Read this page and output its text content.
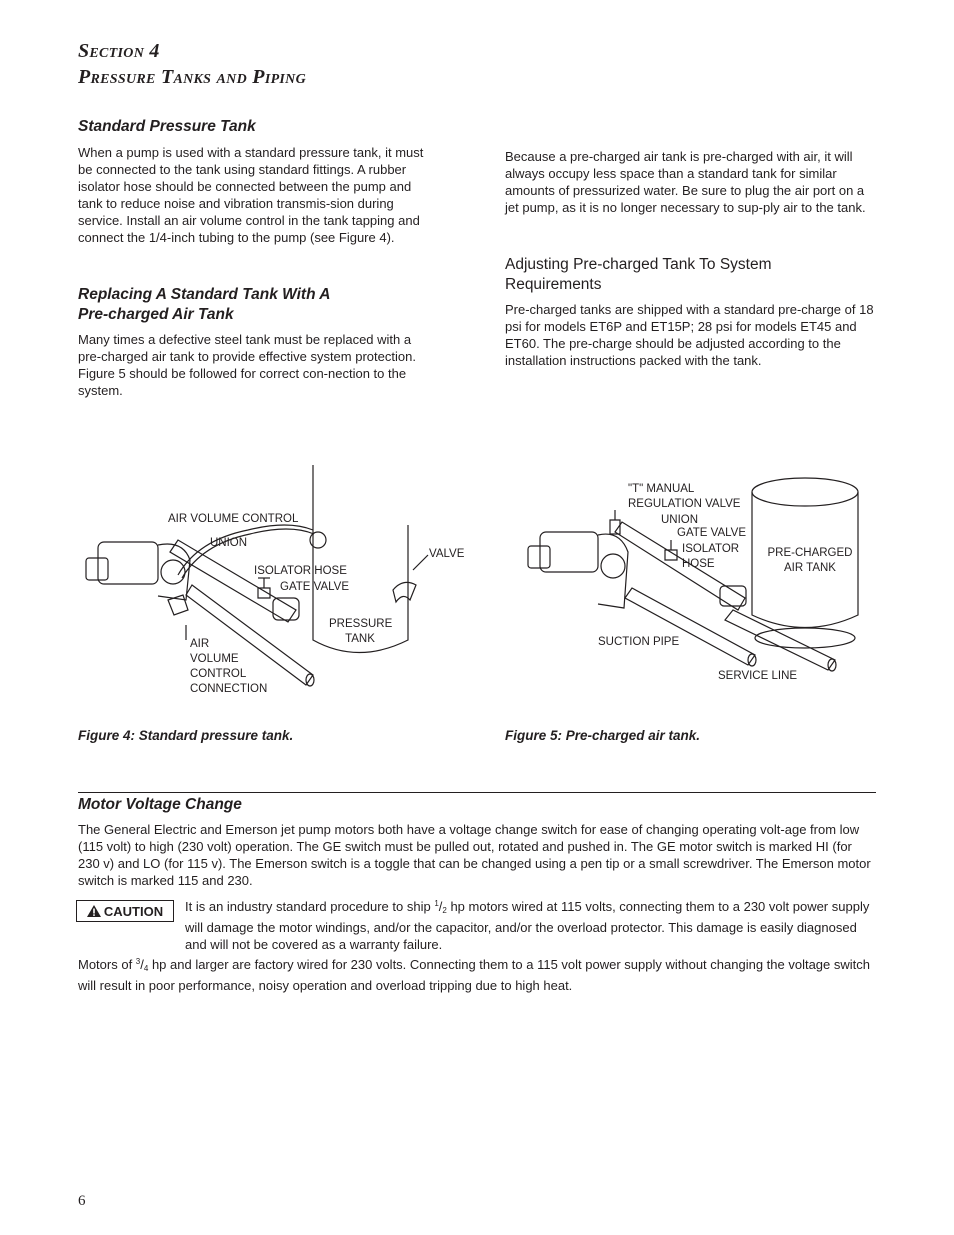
Section 4
Pressure Tanks and Piping
Standard Pressure Tank
When a pump is used with a standard pressure tank, it must be connected to the tank using standard fittings. A rubber isolator hose should be connected between the pump and tank to reduce noise and vibration transmis-sion during service. Install an air volume control in the tank tapping and connect the 1/4-inch tubing to the pump (see Figure 4).
Replacing A Standard Tank With A
Pre-charged Air Tank
Many times a defective steel tank must be replaced with a pre-charged air tank to provide effective system protection. Figure 5 should be followed for correct con-nection to the system.
Because a pre-charged air tank is pre-charged with air, it will always occupy less space than a standard tank for similar amounts of pressurized water. Be sure to plug the air port on a jet pump, as it is no longer necessary to sup-ply air to the tank.
Adjusting Pre-charged Tank To System Requirements
Pre-charged tanks are shipped with a standard pre-charge of 18 psi for models ET6P and ET15P; 28 psi for models ET45 and ET60. The pre-charge should be adjusted according to the installation instructions packed with the tank.
AIR VOLUME CONTROL
UNION
ISOLATOR HOSE
GATE VALVE
VALVE
PRESSURE
TANK
AIR
VOLUME
CONTROL
CONNECTION
"T" MANUAL
REGULATION VALVE
UNION
GATE VALVE
ISOLATOR
HOSE
PRE-CHARGED
AIR TANK
SUCTION PIPE
SERVICE LINE
Figure 4: Standard pressure tank.	Figure 5: Pre-charged air tank.
Motor Voltage Change
The General Electric and Emerson jet pump motors both have a voltage change switch for ease of changing operating volt-age from low (115 volt) to high (230 volt) operation. The GE switch must be pulled out, rotated and pushed in. The GE motor switch is marked HI (for 230 v) and LO (for 115 v). The Emerson switch is a toggle that can be changed using a pen tip or a small screwdriver. The Emerson motor switch is marked 115 and 230.
CAUTION It is an industry standard procedure to ship $^1/_2$ hp motors wired at 115 volts, connecting them to a 230 volt power supply will damage the motor windings, and/or the capacitor, and/or the overload protector. This damage is easily diagnosed and will not be covered as a warranty failure.
Motors of $^3/_4$ hp and larger are factory wired for 230 volts. Connecting them to a 115 volt power supply without changing the voltage switch will result in poor performance, noisy operation and overload tripping due to high heat.
6
